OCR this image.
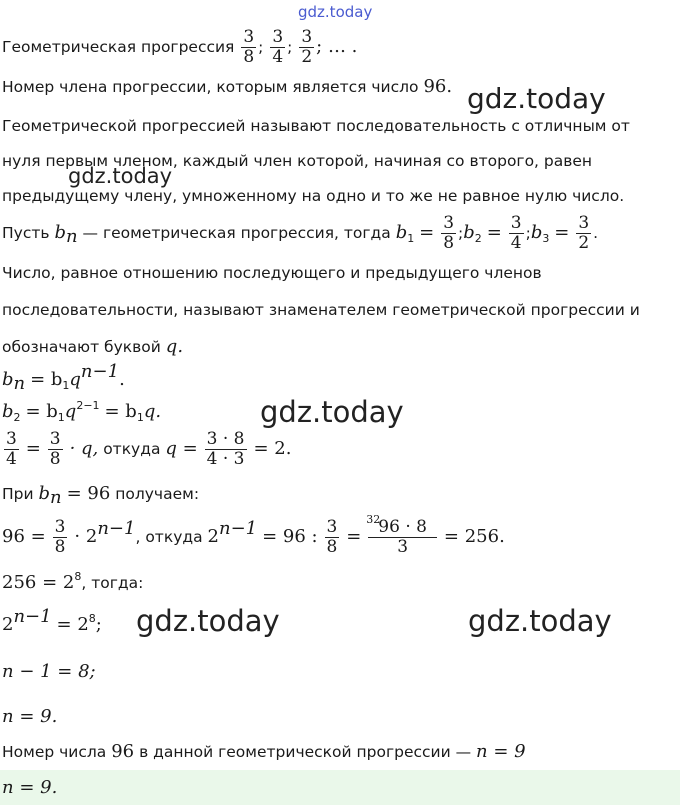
gdz.today
gdz.today
gdz.today
gdz.today
gdz.today	gdz.today
Геометрическая прогрессия $\frac{3}{8}$ ; $\frac{3}{4}$ ; $\frac{3}{2}$ ; … .
Номер члена прогрессии, которым является число 96.
Геометрической прогрессией называют последовательность с отличным от
нуля первым членом, каждый член которой, начиная со второго, равен
предыдущему члену, умноженному на одно и то же не равное нулю число.
Пусть $b_n$ — геометрическая прогрессия, тогда $b_1 = \frac{3}{8}$ $;b_2 = \frac{3}{4}$ $;b_3 = \frac{3}{2}$ .
Число, равное отношению последующего и предыдущего членов
последовательности, называют знаменателем геометрической прогрессии и
обозначают буквой q.
$b_n = b_1q^{n-1}$.
$b_2 = b_1q^{2-1} = b_1q$.
$\frac{3}{4} = \frac{3}{8} \cdot q$, откуда $q = \frac{3 \cdot 8}{4 \cdot 3} = 2$.
При $b_n = 96$ получаем:
$96 = \frac{3}{8} \cdot 2^{n-1}$, откуда $2^{n-1} = 96$ : $\frac{3}{8}$ =
32
96 · 8
3	= 256.
$256 = 2^8$, тогда:
$2^{n-1} = 2^8$;
n − 1 = 8;
n = 9.
Номер числа 96 в данной геометрической прогрессии — n = 9
n = 9.
